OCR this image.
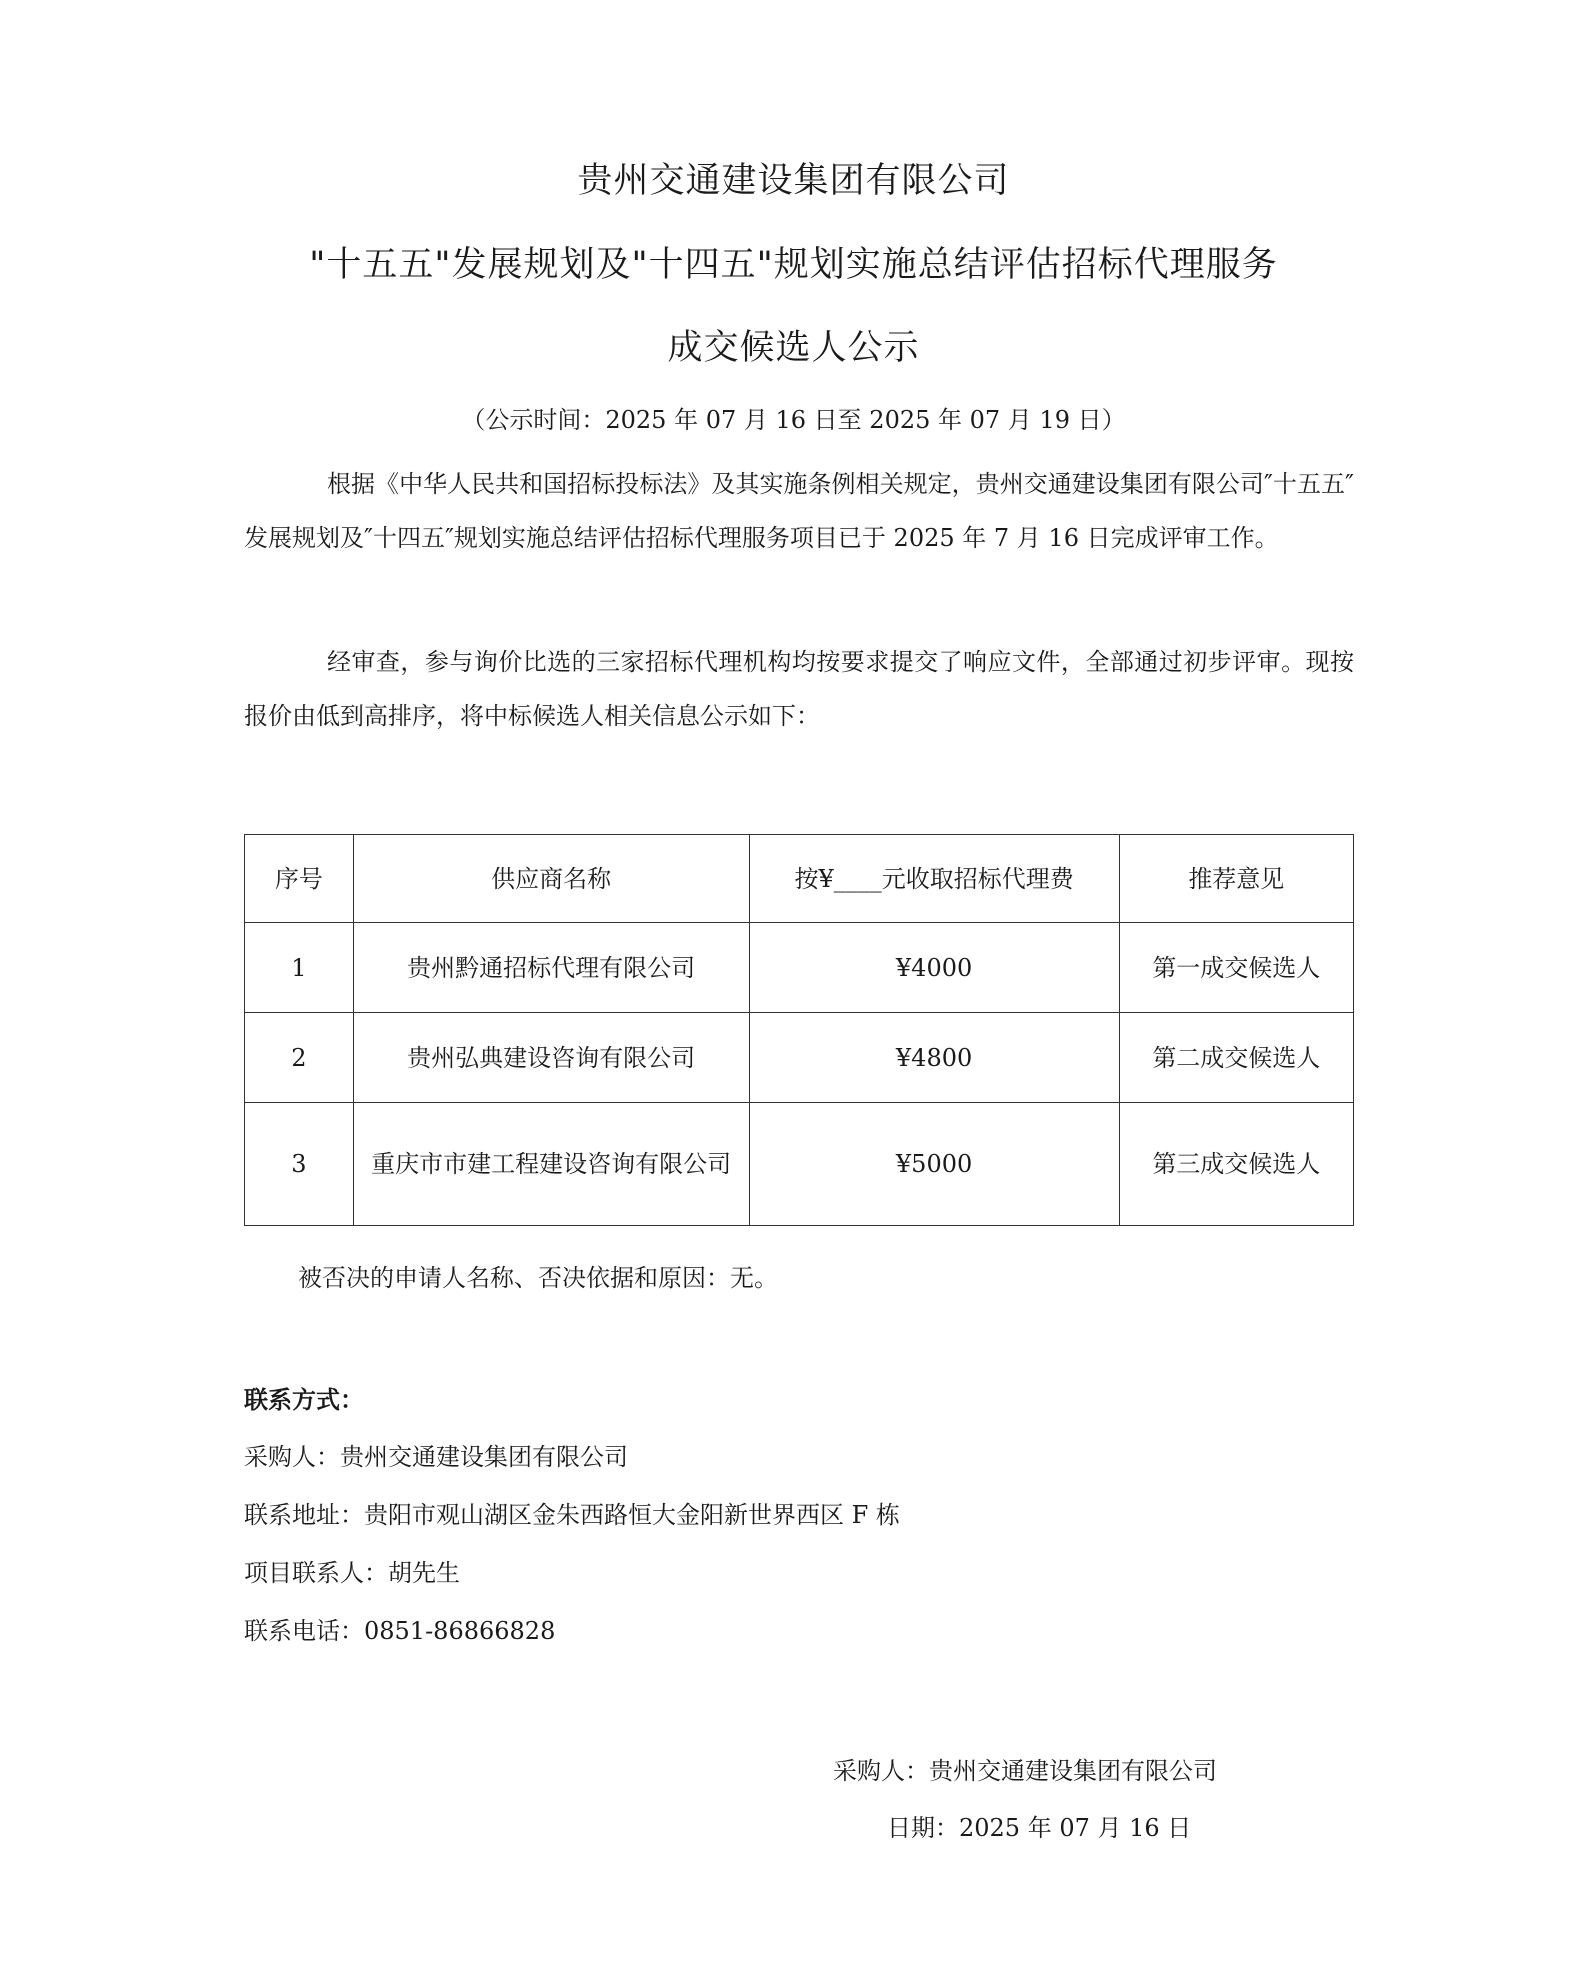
贵州交通建设集团有限公司
"十五五"发展规划及"十四五"规划实施总结评估招标代理服务
成交候选人公示
（公示时间：2025 年 07 月 16 日至 2025 年 07 月 19 日）
根据《中华人民共和国招标投标法》及其实施条例相关规定，贵州交通建设集团有限公司″十五五″发展规划及″十四五″规划实施总结评估招标代理服务项目已于 2025 年 7 月 16 日完成评审工作。
经审查，参与询价比选的三家招标代理机构均按要求提交了响应文件，全部通过初步评审。现按报价由低到高排序，将中标候选人相关信息公示如下：
序号	供应商名称	按¥____元收取招标代理费	推荐意见
1	贵州黔通招标代理有限公司	¥4000	第一成交候选人
2	贵州弘典建设咨询有限公司	¥4800	第二成交候选人
3	重庆市市建工程建设咨询有限公司	¥5000	第三成交候选人
被否决的申请人名称、否决依据和原因：无。
联系方式：
采购人：贵州交通建设集团有限公司
联系地址：贵阳市观山湖区金朱西路恒大金阳新世界西区 F 栋
项目联系人：胡先生
联系电话：0851-86866828
采购人：贵州交通建设集团有限公司
日期：2025 年 07 月 16 日
